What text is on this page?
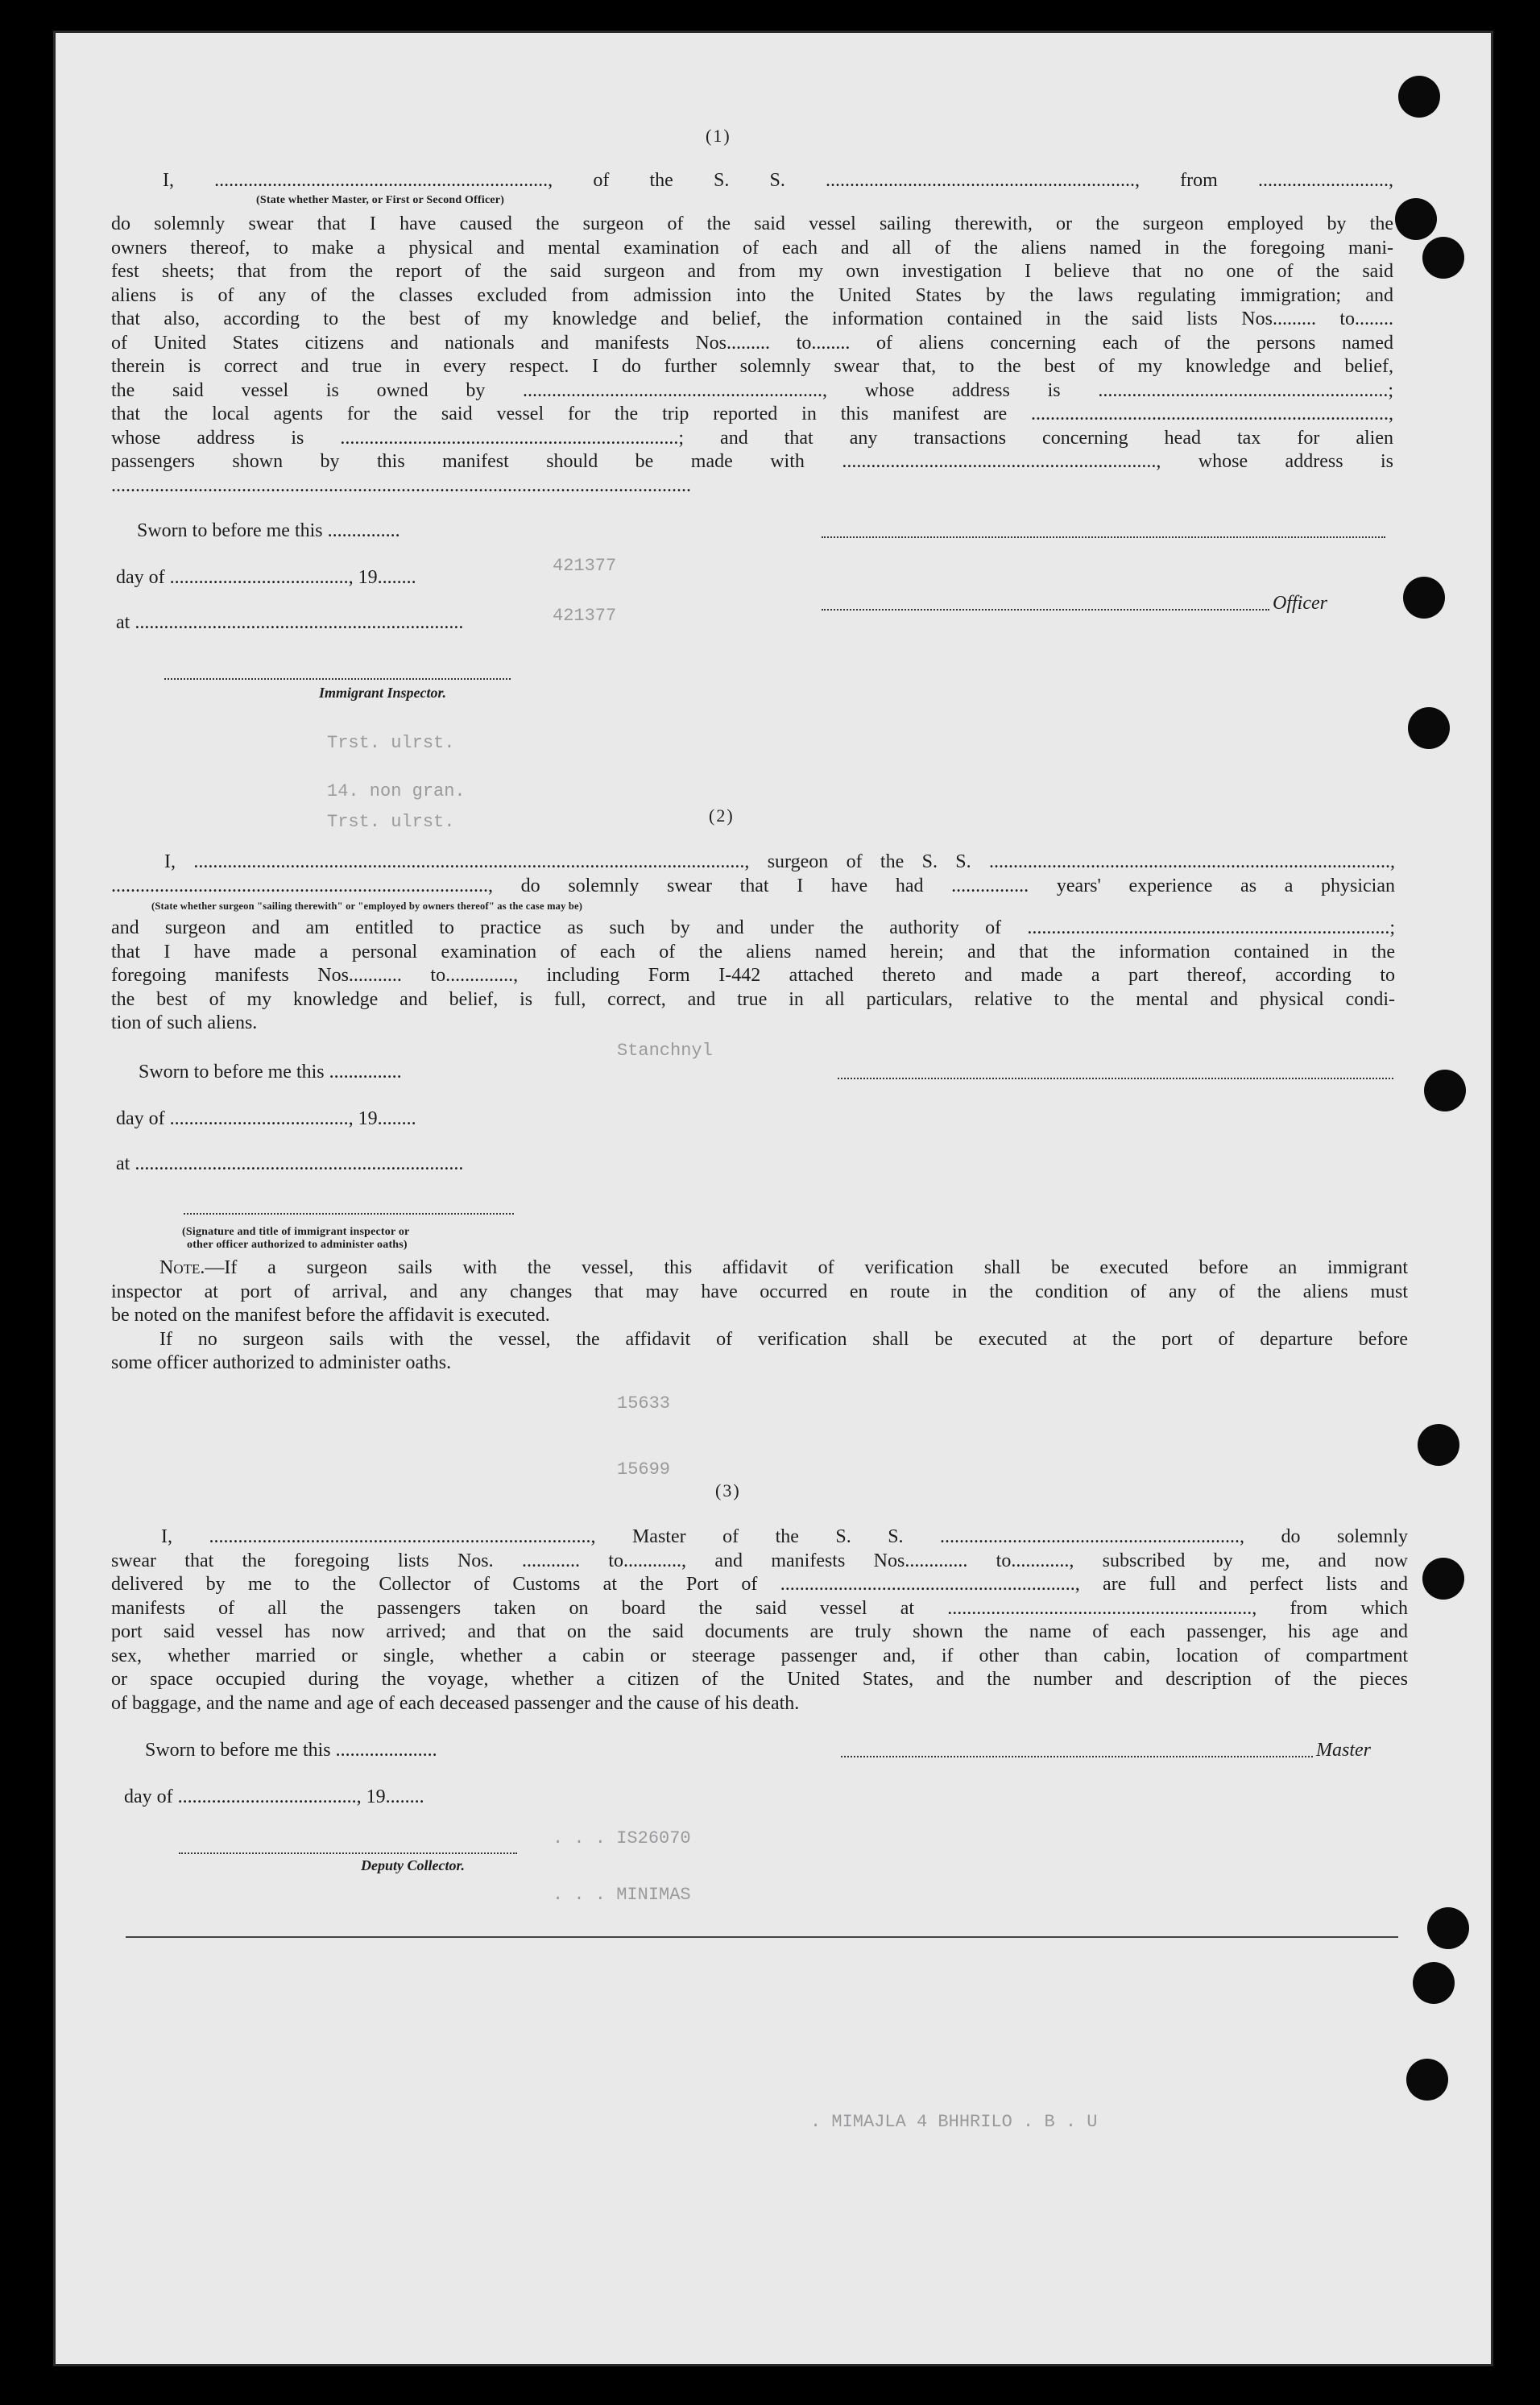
(1)
I, ....................................................................., of the S. S. ................................................................, from ...........................,
(State whether Master, or First or Second Officer)
do solemnly swear that I have caused the surgeon of the said vessel sailing therewith, or the surgeon employed by the
owners thereof, to make a physical and mental examination of each and all of the aliens named in the foregoing mani-
fest sheets; that from the report of the said surgeon and from my own investigation I believe that no one of the said
aliens is of any of the classes excluded from admission into the United States by the laws regulating immigration; and
that also, according to the best of my knowledge and belief, the information contained in the said lists Nos......... to........
of United States citizens and nationals and manifests Nos......... to........ of aliens concerning each of the persons named
therein is correct and true in every respect. I do further solemnly swear that, to the best of my knowledge and belief,
the said vessel is owned by .............................................................., whose address is ............................................................;
that the local agents for the said vessel for the trip reported in this manifest are ..........................................................................,
whose address is ......................................................................; and that any transactions concerning head tax for alien
passengers shown by this manifest should be made with ................................................................., whose address is
........................................................................................................................
Sworn to before me this ...............
day of ....................................., 19........
Officer
at ....................................................................
Immigrant Inspector.
421377
421377
Trst. ulrst.
14. non gran.
Trst. ulrst.	(2)
I, .................................................................................................................., surgeon of the S. S. ...................................................................................,
.............................................................................., do solemnly swear that I have had ................ years' experience as a physician
(State whether surgeon "sailing therewith" or "employed by owners thereof" as the case may be)
and surgeon and am entitled to practice as such by and under the authority of ...........................................................................;
that I have made a personal examination of each of the aliens named herein; and that the information contained in the
foregoing manifests Nos........... to.............., including Form I-442 attached thereto and made a part thereof, according to
the best of my knowledge and belief, is full, correct, and true in all particulars, relative to the mental and physical condi-
tion of such aliens.
Sworn to before me this ...............
day of ....................................., 19........
at ....................................................................
(Signature and title of immigrant inspector or
other officer authorized to administer oaths)
Note.—If a surgeon sails with the vessel, this affidavit of verification shall be executed before an immigrant
inspector at port of arrival, and any changes that may have occurred en route in the condition of any of the aliens must
be noted on the manifest before the affidavit is executed.
If no surgeon sails with the vessel, the affidavit of verification shall be executed at the port of departure before
some officer authorized to administer oaths.
Stanchnyl
15633
15699
(3)
I, ..............................................................................., Master of the S. S. .............................................................., do solemnly
swear that the foregoing lists Nos. ............ to............, and manifests Nos............. to............, subscribed by me, and now
delivered by me to the Collector of Customs at the Port of ............................................................., are full and perfect lists and
manifests of all the passengers taken on board the said vessel at ..............................................................., from which
port said vessel has now arrived; and that on the said documents are truly shown the name of each passenger, his age and
sex, whether married or single, whether a cabin or steerage passenger and, if other than cabin, location of compartment
or space occupied during the voyage, whether a citizen of the United States, and the number and description of the pieces
of baggage, and the name and age of each deceased passenger and the cause of his death.
Sworn to before me this .....................	Master
day of ....................................., 19........
Deputy Collector.
. . . IS26070
. . . MINIMAS
. MIMAJLA 4 BHHRILO . B . U
